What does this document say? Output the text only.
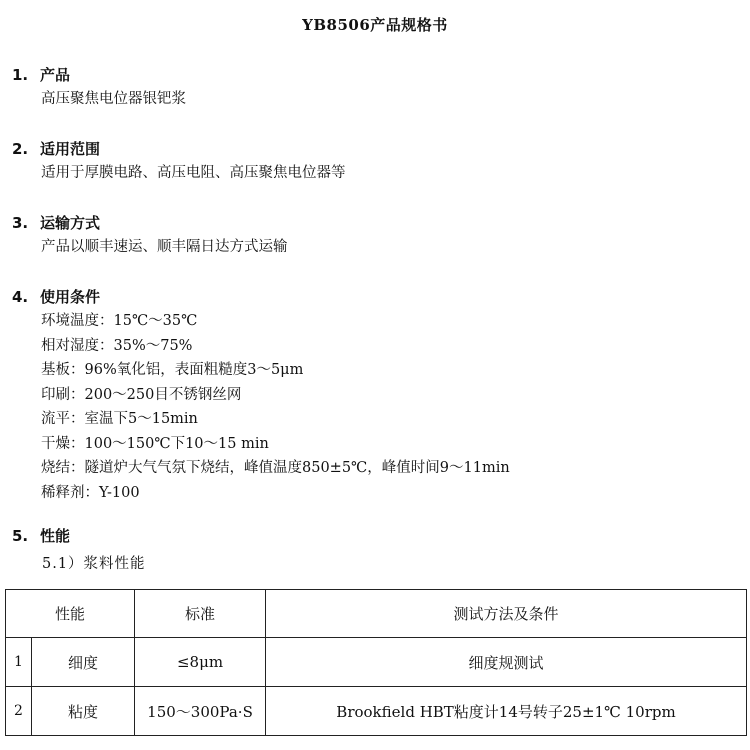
YB8506产品规格书
1. 产品
高压聚焦电位器银钯浆
2. 适用范围
适用于厚膜电路、高压电阻、高压聚焦电位器等
3. 运输方式
产品以顺丰速运、顺丰隔日达方式运输
4. 使用条件
环境温度：15℃～35℃
相对湿度：35%～75%
基板：96%氧化铝，表面粗糙度3～5μm
印刷：200～250目不锈钢丝网
流平：室温下5～15min
干燥：100～150℃下10～15 min
烧结：隧道炉大气气氛下烧结，峰值温度850±5℃，峰值时间9～11min
稀释剂：Y-100
5. 性能
5.1）浆料性能
性能		标准	测试方法及条件
1	细度	≤8μm	细度规测试
2	粘度	150～300Pa·S	Brookfield HBT粘度计14号转子25±1℃ 10rpm
